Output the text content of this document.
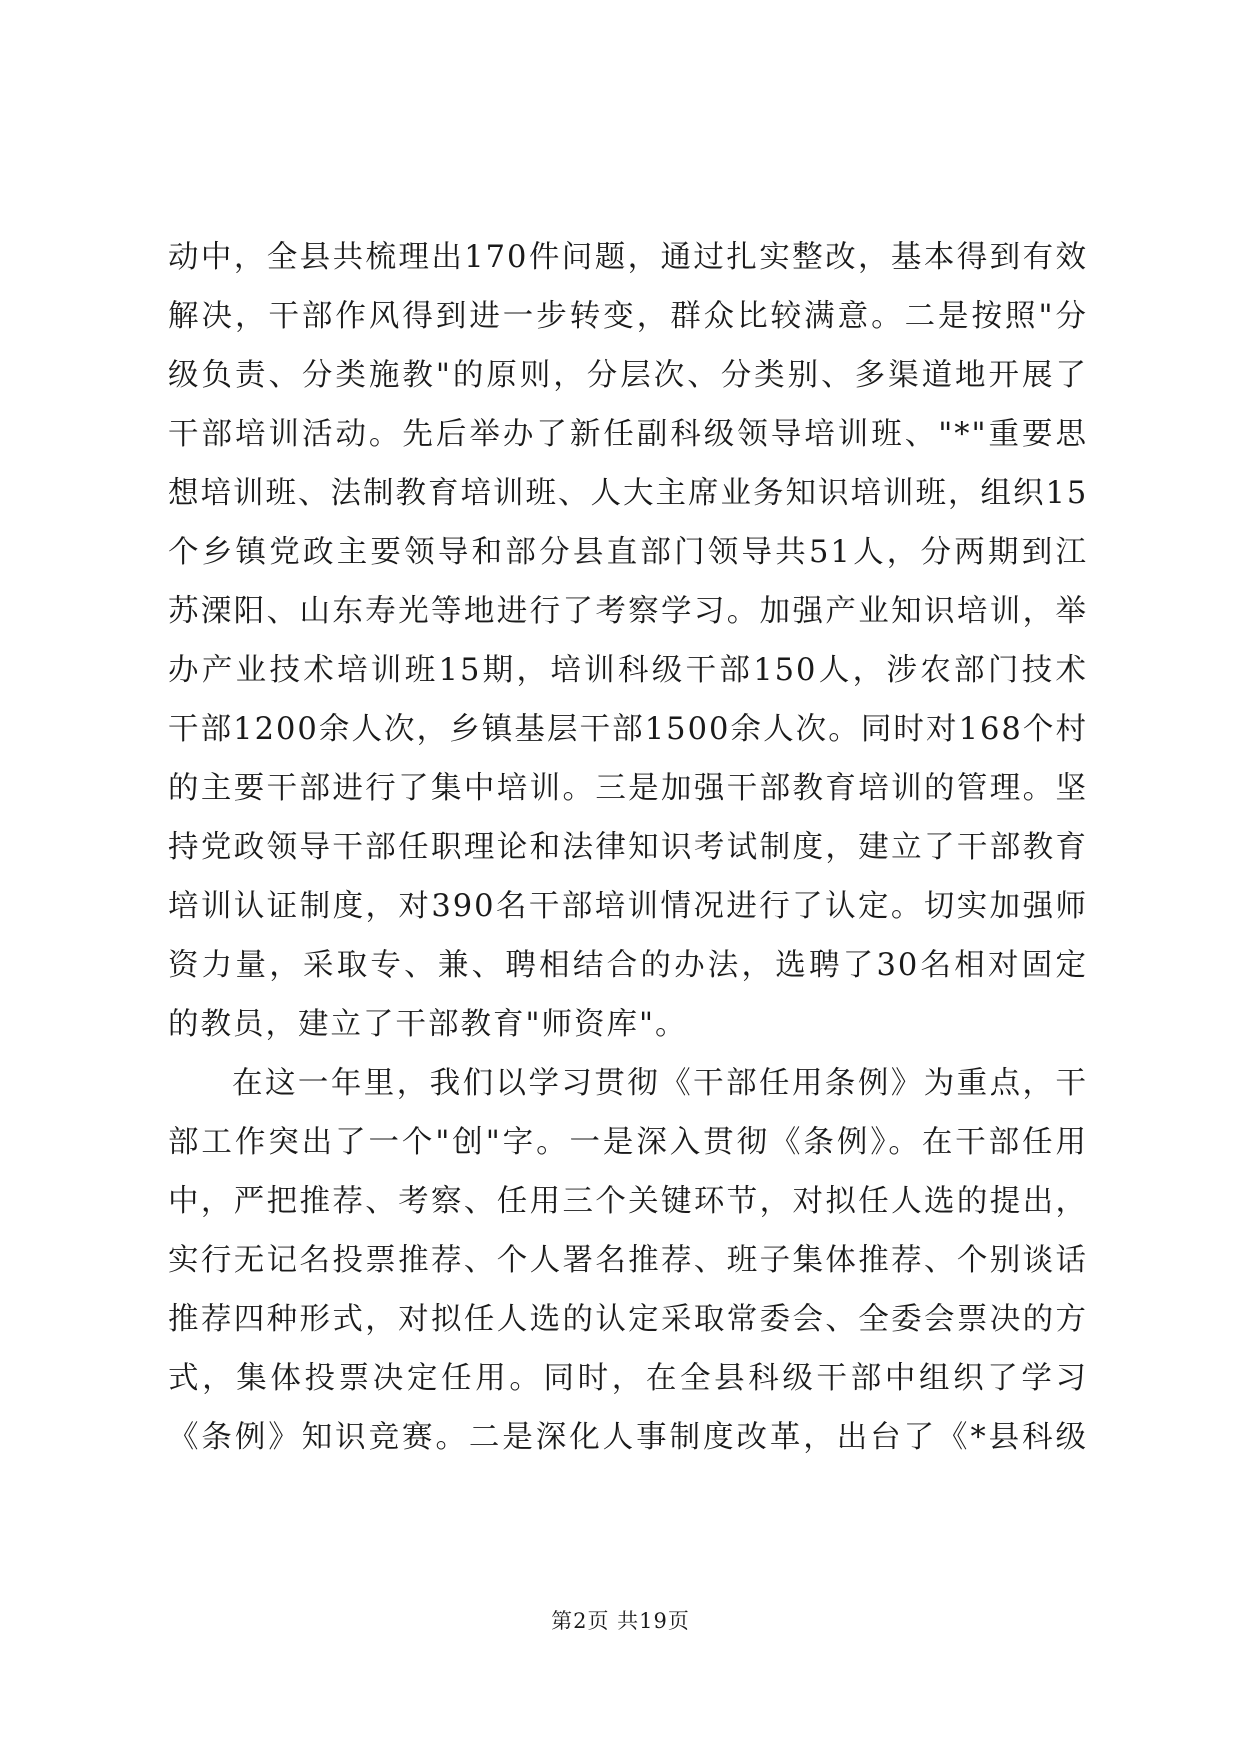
动中，全县共梳理出170件问题，通过扎实整改，基本得到有效
解决，干部作风得到进一步转变，群众比较满意。二是按照"分
级负责、分类施教"的原则，分层次、分类别、多渠道地开展了
干部培训活动。先后举办了新任副科级领导培训班、"*"重要思
想培训班、法制教育培训班、人大主席业务知识培训班，组织15
个乡镇党政主要领导和部分县直部门领导共51人，分两期到江
苏溧阳、山东寿光等地进行了考察学习。加强产业知识培训，举
办产业技术培训班15期，培训科级干部150人，涉农部门技术
干部1200余人次，乡镇基层干部1500余人次。同时对168个村
的主要干部进行了集中培训。三是加强干部教育培训的管理。坚
持党政领导干部任职理论和法律知识考试制度，建立了干部教育
培训认证制度，对390名干部培训情况进行了认定。切实加强师
资力量，采取专、兼、聘相结合的办法，选聘了30名相对固定
的教员，建立了干部教育"师资库"。
在这一年里，我们以学习贯彻《干部任用条例》为重点，干
部工作突出了一个"创"字。一是深入贯彻《条例》。在干部任用
中，严把推荐、考察、任用三个关键环节，对拟任人选的提出，
实行无记名投票推荐、个人署名推荐、班子集体推荐、个别谈话
推荐四种形式，对拟任人选的认定采取常委会、全委会票决的方
式，集体投票决定任用。同时，在全县科级干部中组织了学习
《条例》知识竞赛。二是深化人事制度改革，出台了《*县科级
第2页 共19页
